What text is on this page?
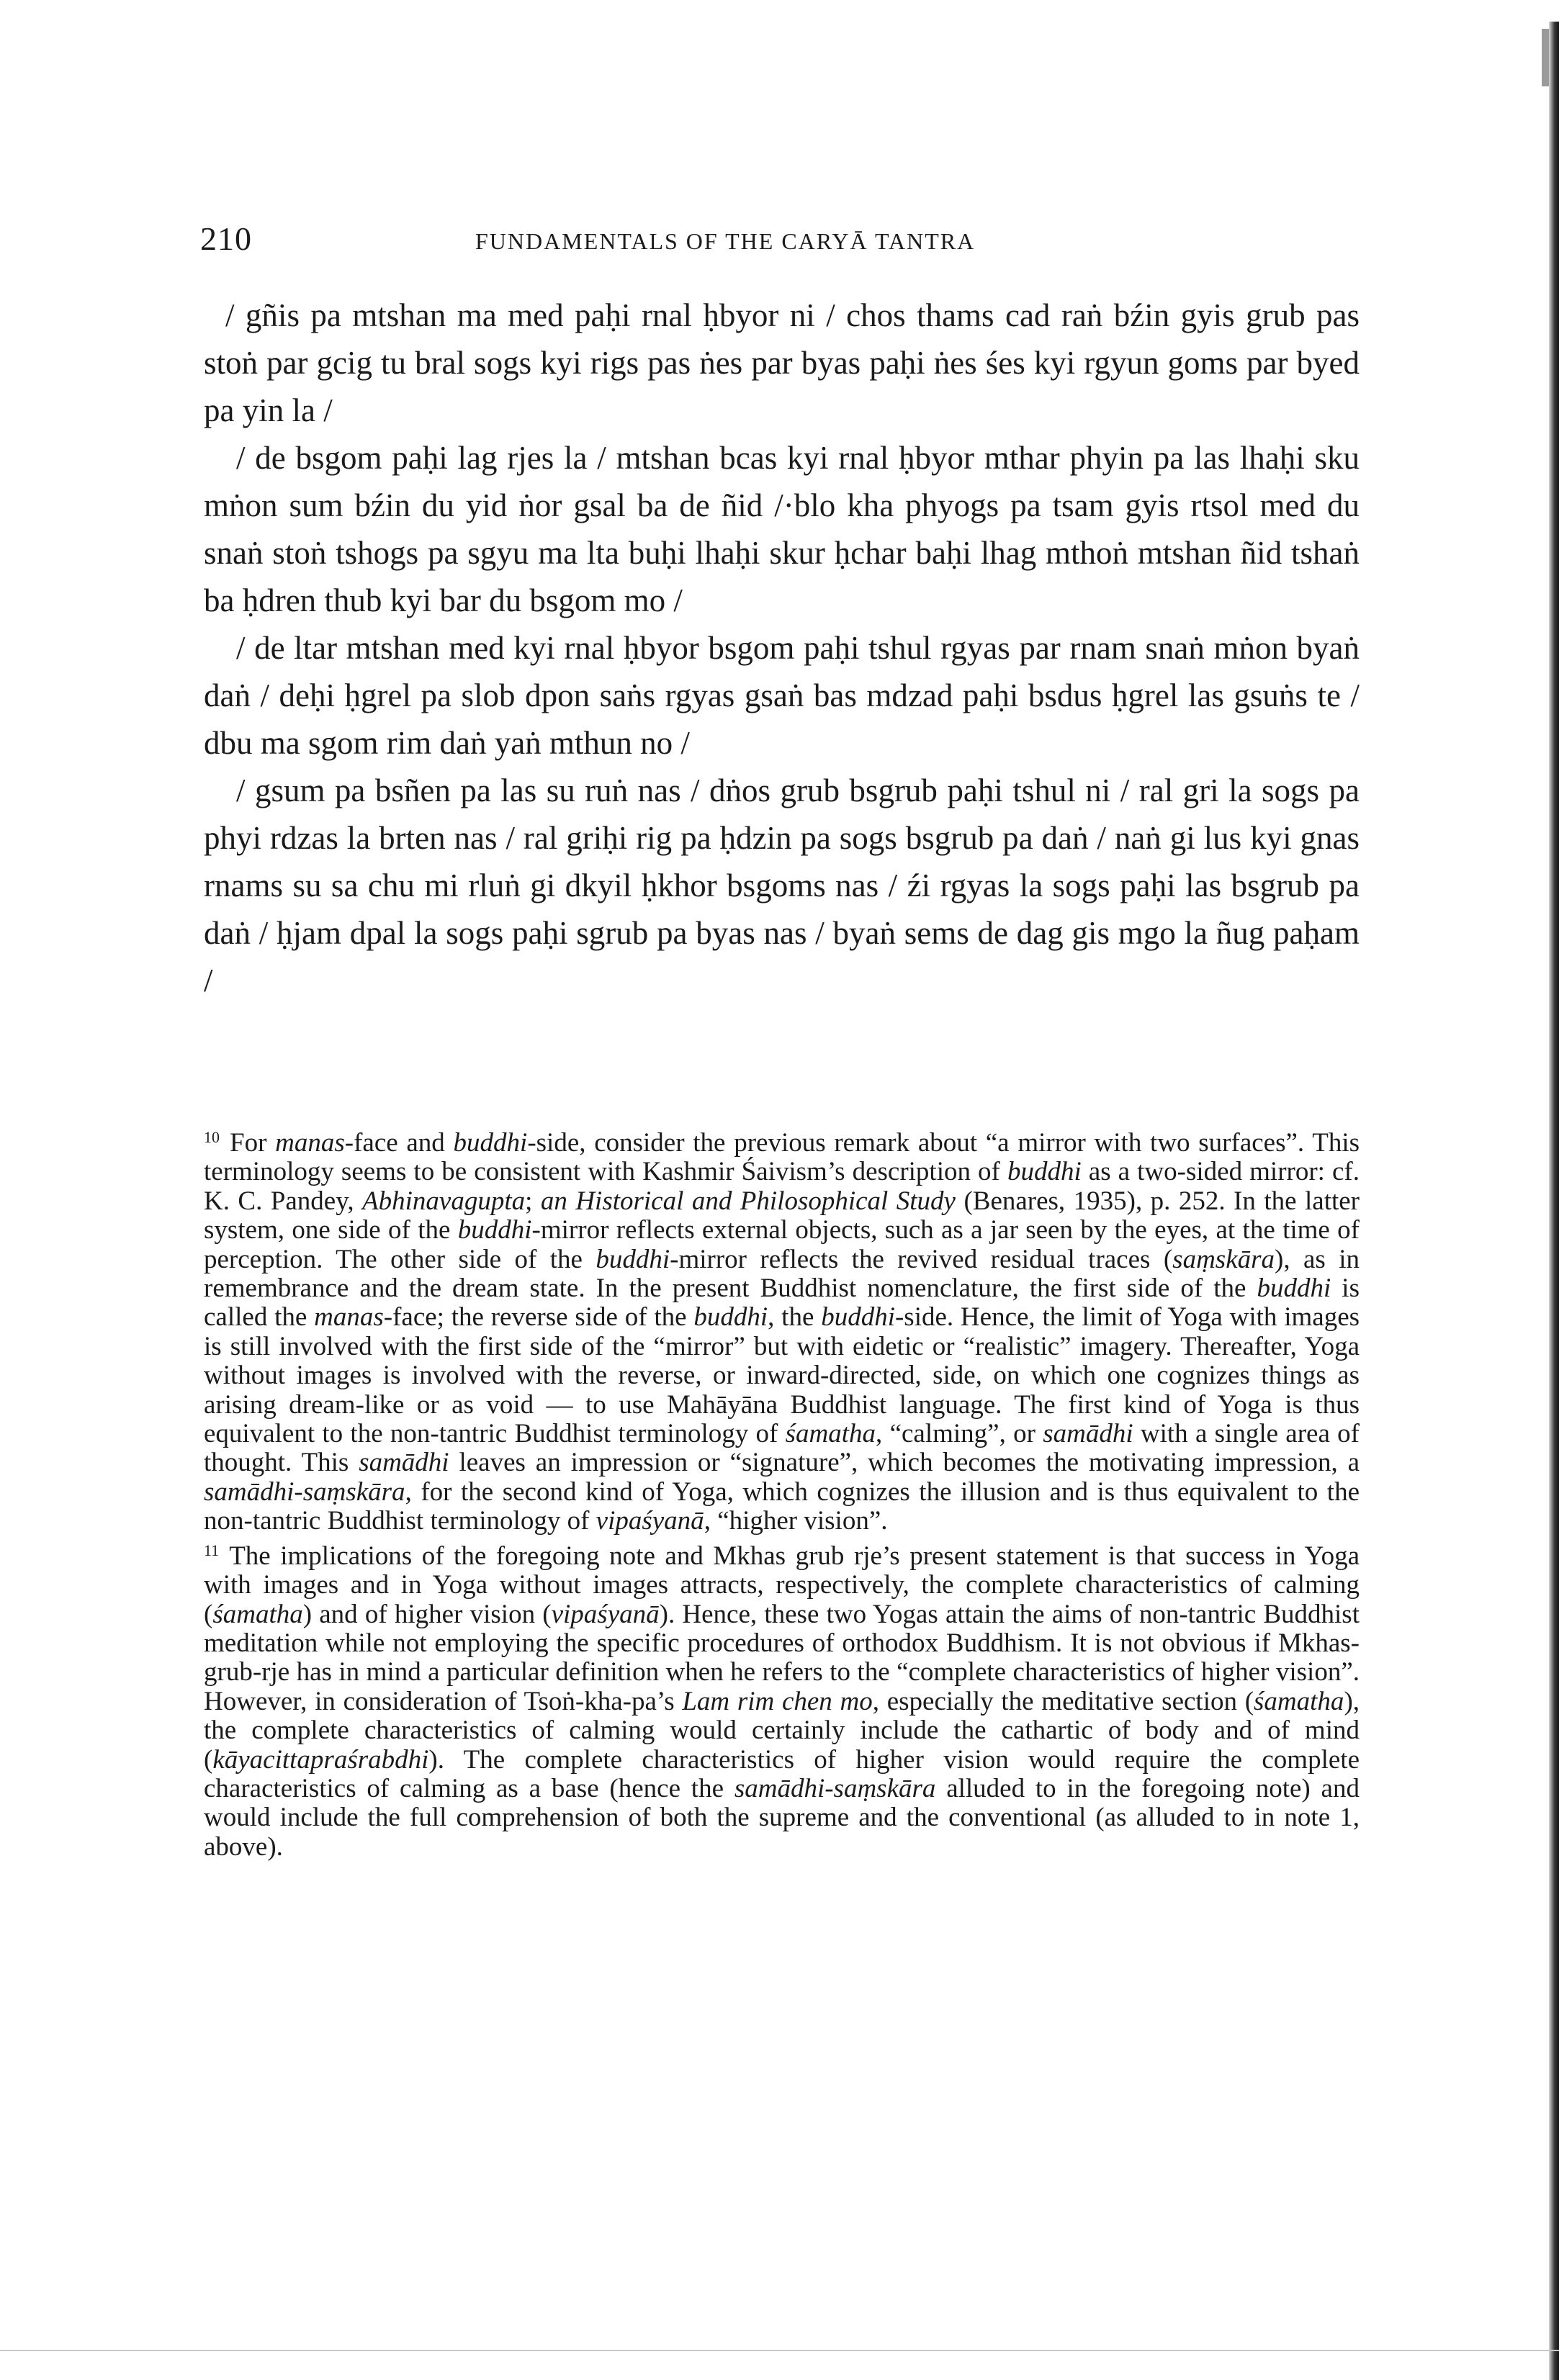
210	FUNDAMENTALS OF THE CARYĀ TANTRA

/ gñis pa mtshan ma med paḥi rnal ḥbyor ni / chos thams cad raṅ bźin gyis grub pas stoṅ par gcig tu bral sogs kyi rigs pas ṅes par byas paḥi ṅes śes kyi rgyun goms par byed pa yin la /

/ de bsgom paḥi lag rjes la / mtshan bcas kyi rnal ḥbyor mthar phyin pa las lhaḥi sku mṅon sum bźin du yid ṅor gsal ba de ñid /·blo kha phyogs pa tsam gyis rtsol med du snaṅ stoṅ tshogs pa sgyu ma lta buḥi lhaḥi skur ḥchar baḥi lhag mthoṅ mtshan ñid tshaṅ ba ḥdren thub kyi bar du bsgom mo /

/ de ltar mtshan med kyi rnal ḥbyor bsgom paḥi tshul rgyas par rnam snaṅ mṅon byaṅ daṅ / deḥi ḥgrel pa slob dpon saṅs rgyas gsaṅ bas mdzad paḥi bsdus ḥgrel las gsuṅs te / dbu ma sgom rim daṅ yaṅ mthun no /

/ gsum pa bsñen pa las su ruṅ nas / dṅos grub bsgrub paḥi tshul ni / ral gri la sogs pa phyi rdzas la brten nas / ral griḥi rig pa ḥdzin pa sogs bsgrub pa daṅ / naṅ gi lus kyi gnas rnams su sa chu mi rluṅ gi dkyil ḥkhor bsgoms nas / źi rgyas la sogs paḥi las bsgrub pa daṅ / ḥjam dpal la sogs paḥi sgrub pa byas nas / byaṅ sems de dag gis mgo la ñug paḥam /

$^{10}$ For manas-face and buddhi-side, consider the previous remark about “a mirror with two surfaces”. This terminology seems to be consistent with Kashmir Śaivism’s description of buddhi as a two-sided mirror: cf. K. C. Pandey, Abhinavagupta; an Historical and Philosophical Study (Benares, 1935), p. 252. In the latter system, one side of the buddhi-mirror reflects external objects, such as a jar seen by the eyes, at the time of perception. The other side of the buddhi-mirror reflects the revived residual traces (saṃskāra), as in remembrance and the dream state. In the present Buddhist nomenclature, the first side of the buddhi is called the manas-face; the reverse side of the buddhi, the buddhi-side. Hence, the limit of Yoga with images is still involved with the first side of the “mirror” but with eidetic or “realistic” imagery. Thereafter, Yoga without images is involved with the reverse, or inward-directed, side, on which one cognizes things as arising dream-like or as void — to use Mahāyāna Buddhist language. The first kind of Yoga is thus equivalent to the non-tantric Buddhist terminology of śamatha, “calming”, or samādhi with a single area of thought. This samādhi leaves an impression or “signature”, which becomes the motivating impression, a samādhi-saṃskāra, for the second kind of Yoga, which cognizes the illusion and is thus equivalent to the non-tantric Buddhist terminology of vipaśyanā, “higher vision”.

$^{11}$ The implications of the foregoing note and Mkhas grub rje’s present statement is that success in Yoga with images and in Yoga without images attracts, respectively, the complete characteristics of calming (śamatha) and of higher vision (vipaśyanā). Hence, these two Yogas attain the aims of non-tantric Buddhist meditation while not employing the specific procedures of orthodox Buddhism. It is not obvious if Mkhas-grub-rje has in mind a particular definition when he refers to the “complete characteristics of higher vision”. However, in consideration of Tsoṅ-kha-pa’s Lam rim chen mo, especially the meditative section (śamatha), the complete characteristics of calming would certainly include the cathartic of body and of mind (kāyacittapraśrabdhi). The complete characteristics of higher vision would require the complete characteristics of calming as a base (hence the samādhi-saṃskāra alluded to in the foregoing note) and would include the full comprehension of both the supreme and the conventional (as alluded to in note 1, above).
